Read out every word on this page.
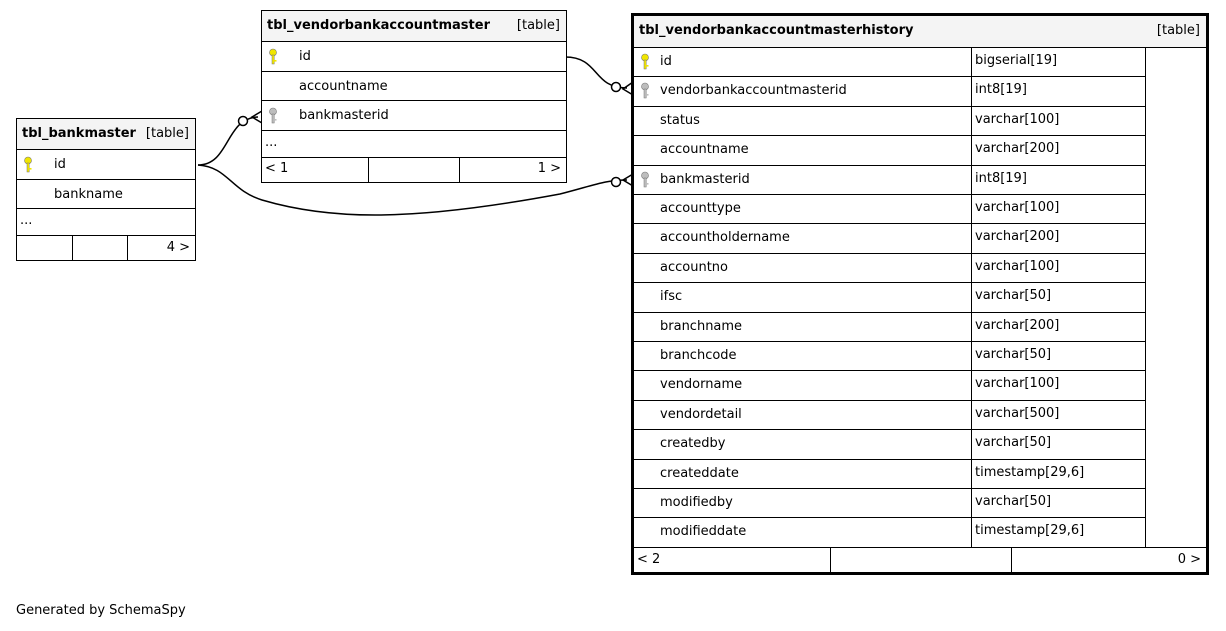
tbl_bankmaster [table]
id
bankname
...
4 >
tbl_vendorbankaccountmaster [table]
id
accountname
bankmasterid
...
< 1	1 >
tbl_vendorbankaccountmasterhistory	[table]
id	bigserial[19]
vendorbankaccountmasterid	int8[19]
status	varchar[100]
accountname	varchar[200]
bankmasterid	int8[19]
accounttype	varchar[100]
accountholdername	varchar[200]
accountno	varchar[100]
ifsc	varchar[50]
branchname	varchar[200]
branchcode	varchar[50]
vendorname	varchar[100]
vendordetail	varchar[500]
createdby	varchar[50]
createddate	timestamp[29,6]
modifiedby	varchar[50]
modifieddate	timestamp[29,6]
< 2	0 >
Generated by SchemaSpy
